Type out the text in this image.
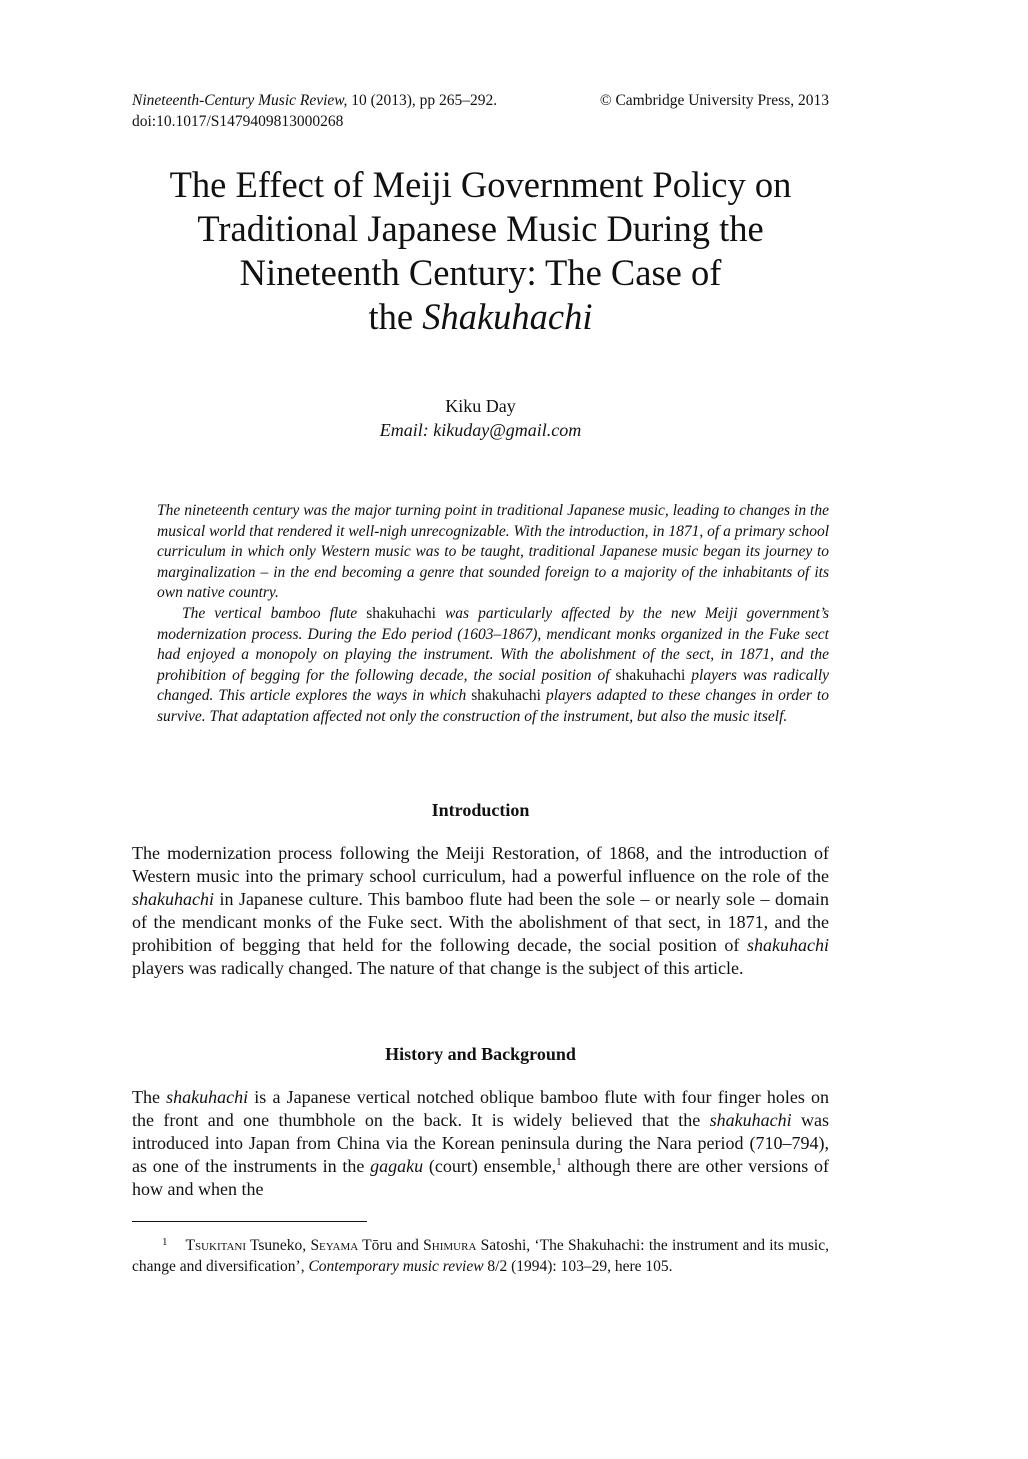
Nineteenth-Century Music Review, 10 (2013), pp 265–292.	© Cambridge University Press, 2013
doi:10.1017/S1479409813000268
The Effect of Meiji Government Policy on
Traditional Japanese Music During the
Nineteenth Century: The Case of
the Shakuhachi
Kiku Day
Email: kikuday@gmail.com

The nineteenth century was the major turning point in traditional Japanese music, leading to changes in the musical world that rendered it well-nigh unrecognizable. With the introduction, in 1871, of a primary school curriculum in which only Western music was to be taught, traditional Japanese music began its journey to marginalization – in the end becoming a genre that sounded foreign to a majority of the inhabitants of its own native country.

The vertical bamboo flute shakuhachi was particularly affected by the new Meiji government’s modernization process. During the Edo period (1603–1867), mendicant monks organized in the Fuke sect had enjoyed a monopoly on playing the instrument. With the abolishment of the sect, in 1871, and the prohibition of begging for the following decade, the social position of shakuhachi players was radically changed. This article explores the ways in which shakuhachi players adapted to these changes in order to survive. That adaptation affected not only the construction of the instrument, but also the music itself.

Introduction

The modernization process following the Meiji Restoration, of 1868, and the introduction of Western music into the primary school curriculum, had a powerful influence on the role of the shakuhachi in Japanese culture. This bamboo flute had been the sole – or nearly sole – domain of the mendicant monks of the Fuke sect. With the abolishment of that sect, in 1871, and the prohibition of begging that held for the following decade, the social position of shakuhachi players was radically changed. The nature of that change is the subject of this article.

History and Background

The shakuhachi is a Japanese vertical notched oblique bamboo flute with four finger holes on the front and one thumbhole on the back. It is widely believed that the shakuhachi was introduced into Japan from China via the Korean peninsula during the Nara period (710–794), as one of the instruments in the gagaku (court) ensemble,$^1$ although there are other versions of how and when the

$^1$ Tsukitani Tsuneko, Seyama Tōru and Shimura Satoshi, ‘The Shakuhachi: the instrument and its music, change and diversification’, Contemporary music review 8/2 (1994): 103–29, here 105.
